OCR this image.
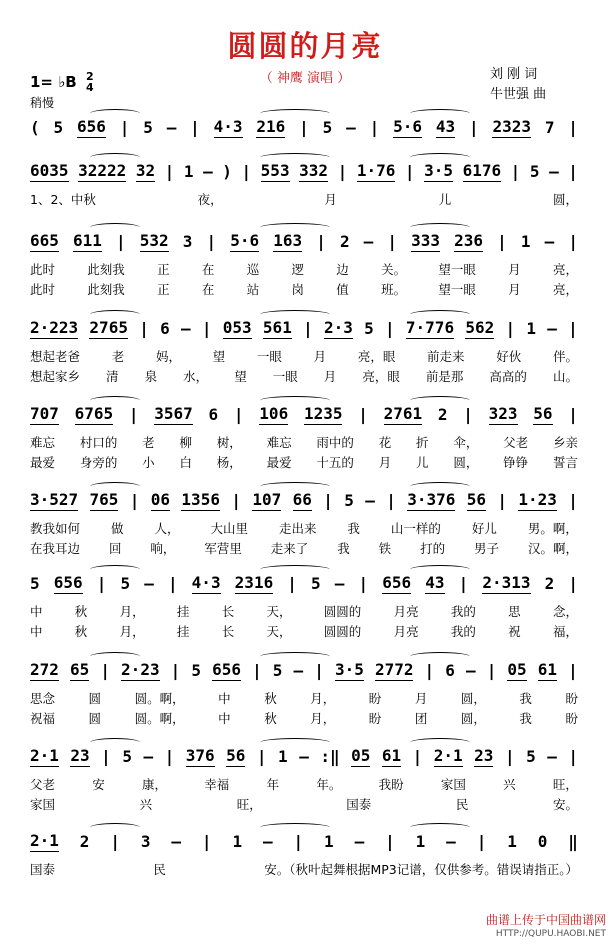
圆圆的月亮
（ 神鹰 演唱 ）	刘 刚 词
牛世强 曲
1= ♭B 2
4
稍慢
( 5 656 | 5 – | 4·3 216 | 5 – | 5·6 43 | 2323 7 |
6035 32222 32 | 1 – ) | 553 332 | 1·76 | 3·5 6176 | 5 – |
1、2、中秋	夜，	月	儿	圆，
665 611 | 532 3 | 5·6 163 | 2 – | 333 236 | 1 – |
此时	此刻我	正	在	巡	逻	边	关。	望一眼	月	亮，
此时	此刻我	正	在	站	岗	值	班。	望一眼	月	亮，
2·223 2765 | 6 – | 053 561 | 2·3 5 | 7·776 562 | 1 – |
想起老爸	老	妈，	望	一眼	月	亮，眼	前走来	好伙	伴。
想起家乡 清 泉 水， 望 一眼 月 亮，眼 前是那 高高的 山。
707 6765 | 3567 6 | 106 1235 | 2761 2 | 323 56 |
难忘 村口的 老 柳 树， 难忘 雨中的 花 折 伞， 父老 乡亲
最爱 身旁的 小 白 杨， 最爱 十五的 月 儿 圆， 铮铮 誓言
3·527 765 | 06 1356 | 107 66 | 5 – | 3·376 56 | 1·23 |
教我如何 做 人， 大山里 走出来 我 山一样的 好儿 男。啊，
在我耳边 回 响， 军营里 走来了 我 铁 打的 男子 汉。啊，
5 656 | 5 – | 4·3 2316 | 5 – | 656 43 | 2·313 2 |
中	秋	月，	挂	长	天，	圆圆的	月亮	我的	思	念，
中	秋	月，	挂	长	天，	圆圆的	月亮	我的	祝	福，
272 65 | 2·23 | 5 656 | 5 – | 3·5 2772 | 6 – | 05 61 |
思念	圆	圆。啊，	中	秋	月，	盼	月	圆，	我	盼
祝福	圆	圆。啊，	中	秋	月，	盼	团	圆，	我	盼
2·1 23 | 5 – | 376 56 | 1 – :‖ 05 61 | 2·1 23 | 5 – |
父老	安	康，	幸福	年	年。	我盼	家国	兴	旺，
家国	兴	旺，	国泰	民	安。
2·1 2 | 3 – | 1 – | 1 – | 1 – | 1 0 ‖
国泰	民	安。（秋叶起舞根据MP3记谱，仅供参考。错误请指正。）
曲谱上传于中国曲谱网
HTTP://QUPU.HAOBI.NET
